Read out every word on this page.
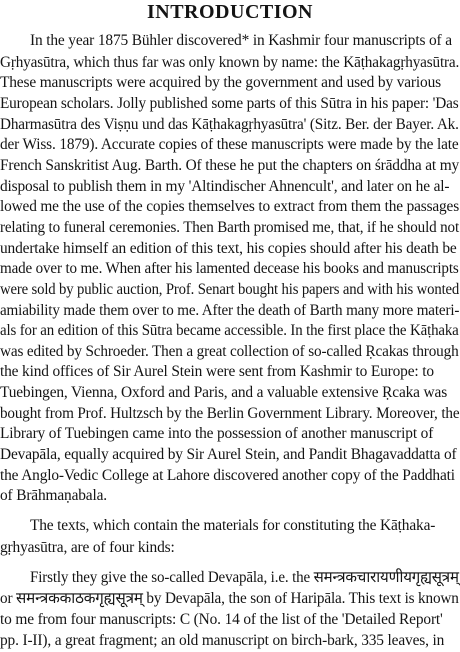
INTRODUCTION
In the year 1875 Bühler discovered* in Kashmir four manuscripts of a
Gṛhyasūtra, which thus far was only known by name: the Kāṭhakagṛhyasūtra.
These manuscripts were acquired by the government and used by various
European scholars. Jolly published some parts of this Sūtra in his paper: 'Das
Dharmasūtra des Viṣṇu und das Kāṭhakagṛhyasūtra' (Sitz. Ber. der Bayer. Ak.
der Wiss. 1879). Accurate copies of these manuscripts were made by the late
French Sanskritist Aug. Barth. Of these he put the chapters on śrāddha at my
disposal to publish them in my 'Altindischer Ahnencult', and later on he al-
lowed me the use of the copies themselves to extract from them the passages
relating to funeral ceremonies. Then Barth promised me, that, if he should not
undertake himself an edition of this text, his copies should after his death be
made over to me. When after his lamented decease his books and manuscripts
were sold by public auction, Prof. Senart bought his papers and with his wonted
amiability made them over to me. After the death of Barth many more materi-
als for an edition of this Sūtra became accessible. In the first place the Kāṭhaka
was edited by Schroeder. Then a great collection of so-called Ṛcakas through
the kind offices of Sir Aurel Stein were sent from Kashmir to Europe: to
Tuebingen, Vienna, Oxford and Paris, and a valuable extensive Ṛcaka was
bought from Prof. Hultzsch by the Berlin Government Library. Moreover, the
Library of Tuebingen came into the possession of another manuscript of
Devapāla, equally acquired by Sir Aurel Stein, and Pandit Bhagavaddatta of
the Anglo-Vedic College at Lahore discovered another copy of the Paddhati
of Brāhmaṇabala.
The texts, which contain the materials for constituting the Kāṭhaka-
gṛhyasūtra, are of four kinds:
Firstly they give the so-called Devapāla, i.e. the समन्त्रकचारायणीयगृह्यसूत्रम्
or समन्त्रककाठकगृह्यसूत्रम् by Devapāla, the son of Haripāla. This text is known
to me from four manuscripts: C (No. 14 of the list of the 'Detailed Report'
pp. I-II), a great fragment; an old manuscript on birch-bark, 335 leaves, in
